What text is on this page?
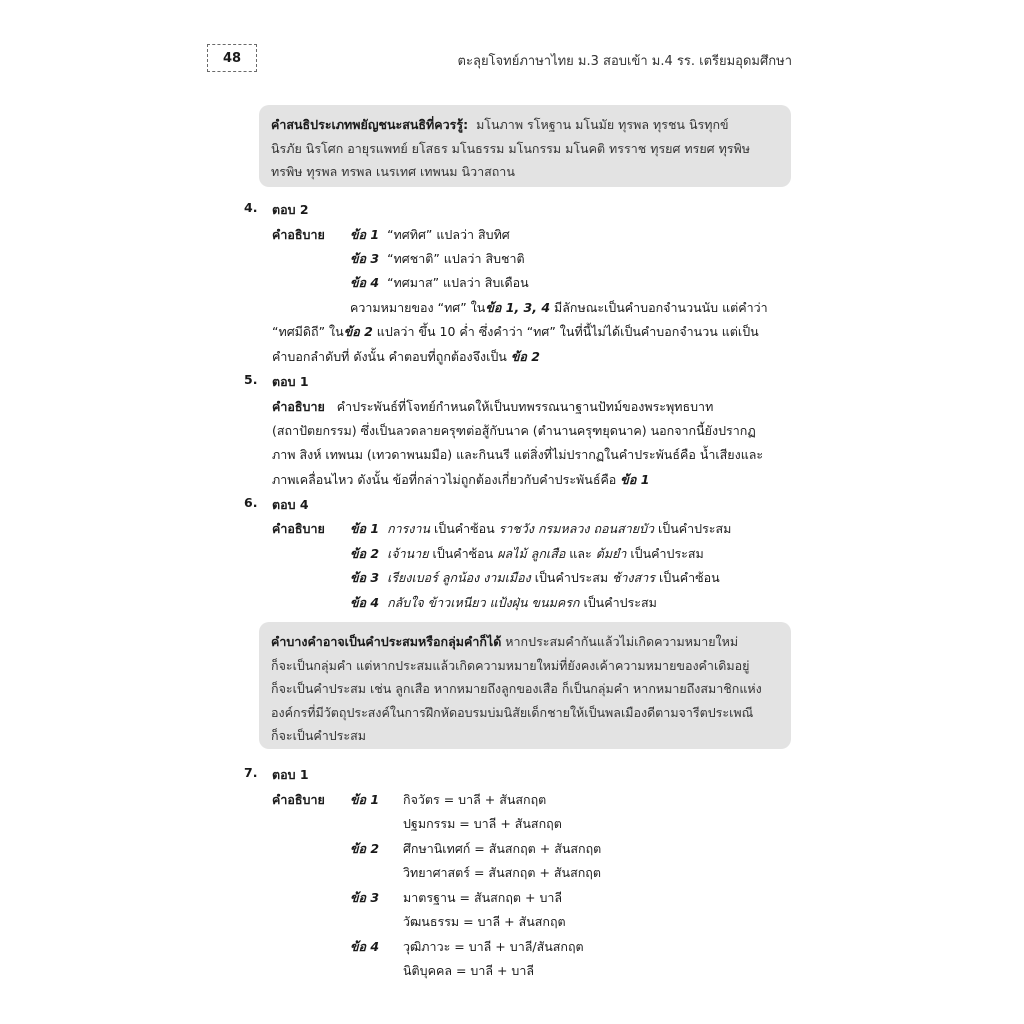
48	ตะลุยโจทย์ภาษาไทย ม.3 สอบเข้า ม.4 รร. เตรียมอุดมศึกษา
คำสนธิประเภทพยัญชนะสนธิที่ควรรู้: มโนภาพ รโหฐาน มโนมัย ทุรพล ทุรชน นิรทุกข์
นิรภัย นิรโศก อายุรแพทย์ ยโสธร มโนธรรม มโนกรรม มโนคติ ทรราช ทุรยศ ทรยศ ทุรพิษ
ทรพิษ ทุรพล ทรพล เนรเทศ เทพนม นิวาสถาน
4. ตอบ 2
คำอธิบาย ข้อ 1 “ทศทิศ” แปลว่า สิบทิศ
ข้อ 3 “ทศชาติ” แปลว่า สิบชาติ
ข้อ 4 “ทศมาส” แปลว่า สิบเดือน
ความหมายของ “ทศ” ในข้อ 1, 3, 4 มีลักษณะเป็นคำบอกจำนวนนับ แต่คำว่า
“ทศมีดิถี” ในข้อ 2 แปลว่า ขึ้น 10 ค่ำ ซึ่งคำว่า “ทศ” ในที่นี้ไม่ได้เป็นคำบอกจำนวน แต่เป็น
คำบอกลำดับที่ ดังนั้น คำตอบที่ถูกต้องจึงเป็น ข้อ 2
5. ตอบ 1
คำอธิบาย คำประพันธ์ที่โจทย์กำหนดให้เป็นบทพรรณนาฐานปัทม์ของพระพุทธบาท
(สถาปัตยกรรม) ซึ่งเป็นลวดลายครุฑต่อสู้กับนาค (ตำนานครุฑยุดนาค) นอกจากนี้ยังปรากฏ
ภาพ สิงห์ เทพนม (เทวดาพนมมือ) และกินนรี แต่สิ่งที่ไม่ปรากฏในคำประพันธ์คือ น้ำเสียงและ
ภาพเคลื่อนไหว ดังนั้น ข้อที่กล่าวไม่ถูกต้องเกี่ยวกับคำประพันธ์คือ ข้อ 1
6. ตอบ 4
คำอธิบาย ข้อ 1 การงาน เป็นคำซ้อน ราชวัง กรมหลวง ถอนสายบัว เป็นคำประสม
ข้อ 2 เจ้านาย เป็นคำซ้อน ผลไม้ ลูกเสือ และ ต้มยำ เป็นคำประสม
ข้อ 3 เรียงเบอร์ ลูกน้อง งามเมือง เป็นคำประสม ช้างสาร เป็นคำซ้อน
ข้อ 4 กลับใจ ข้าวเหนียว แป้งฝุ่น ขนมครก เป็นคำประสม
คำบางคำอาจเป็นคำประสมหรือกลุ่มคำก็ได้ หากประสมคำกันแล้วไม่เกิดความหมายใหม่
ก็จะเป็นกลุ่มคำ แต่หากประสมแล้วเกิดความหมายใหม่ที่ยังคงเค้าความหมายของคำเดิมอยู่
ก็จะเป็นคำประสม เช่น ลูกเสือ หากหมายถึงลูกของเสือ ก็เป็นกลุ่มคำ หากหมายถึงสมาชิกแห่ง
องค์กรที่มีวัตถุประสงค์ในการฝึกหัดอบรมบ่มนิสัยเด็กชายให้เป็นพลเมืองดีตามจารีตประเพณี
ก็จะเป็นคำประสม
7. ตอบ 1
คำอธิบาย ข้อ 1 กิจวัตร = บาลี + สันสกฤต
ปฐมกรรม = บาลี + สันสกฤต
ข้อ 2 ศึกษานิเทศก์ = สันสกฤต + สันสกฤต
วิทยาศาสตร์ = สันสกฤต + สันสกฤต
ข้อ 3 มาตรฐาน = สันสกฤต + บาลี
วัฒนธรรม = บาลี + สันสกฤต
ข้อ 4 วุฒิภาวะ = บาลี + บาลี/สันสกฤต
นิติบุคคล = บาลี + บาลี
